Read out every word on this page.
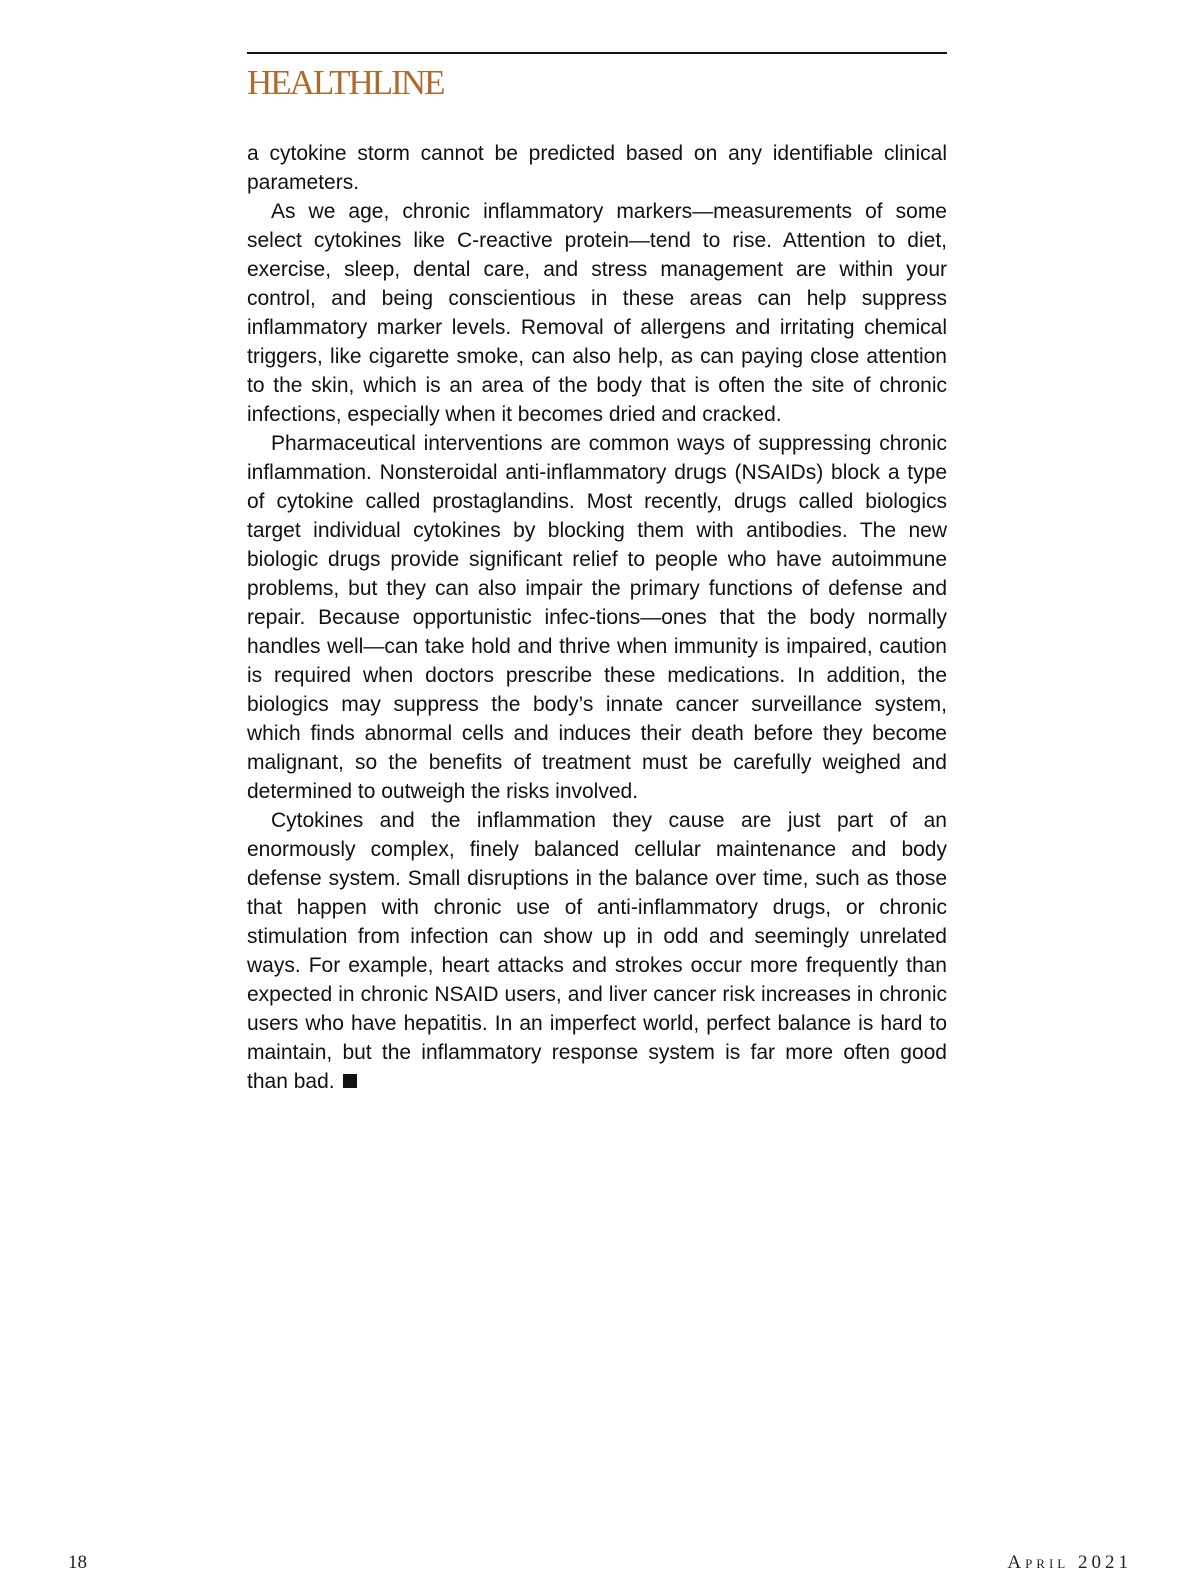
HEALTHLINE

a cytokine storm cannot be predicted based on any identifiable clinical parameters.

As we age, chronic inflammatory markers—measurements of some select cytokines like C-reactive protein—tend to rise. Attention to diet, exercise, sleep, dental care, and stress management are within your control, and being conscientious in these areas can help suppress inflammatory marker levels. Removal of allergens and irritating chemical triggers, like cigarette smoke, can also help, as can paying close attention to the skin, which is an area of the body that is often the site of chronic infections, especially when it becomes dried and cracked.

Pharmaceutical interventions are common ways of suppressing chronic inflammation. Nonsteroidal anti-inflammatory drugs (NSAIDs) block a type of cytokine called prostaglandins. Most recently, drugs called biologics target individual cytokines by blocking them with antibodies. The new biologic drugs provide significant relief to people who have autoimmune problems, but they can also impair the primary functions of defense and repair. Because opportunistic infec-tions—ones that the body normally handles well—can take hold and thrive when immunity is impaired, caution is required when doctors prescribe these medications. In addition, the biologics may suppress the body’s innate cancer surveillance system, which finds abnormal cells and induces their death before they become malignant, so the benefits of treatment must be carefully weighed and determined to outweigh the risks involved.

Cytokines and the inflammation they cause are just part of an enormously complex, finely balanced cellular maintenance and body defense system. Small disruptions in the balance over time, such as those that happen with chronic use of anti-inflammatory drugs, or chronic stimulation from infection can show up in odd and seemingly unrelated ways. For example, heart attacks and strokes occur more frequently than expected in chronic NSAID users, and liver cancer risk increases in chronic users who have hepatitis. In an imperfect world, perfect balance is hard to maintain, but the inflammatory response system is far more often good than bad.

18	April 2021
